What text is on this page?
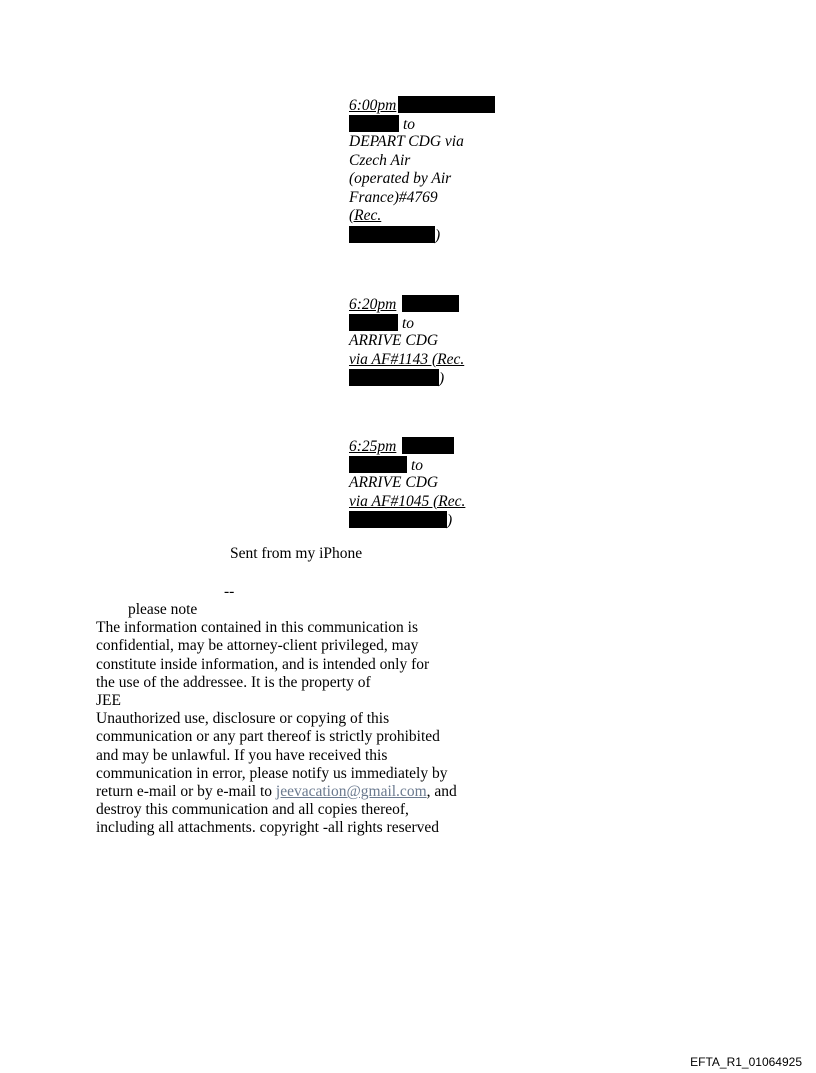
6:00pm
to
DEPART CDG via
Czech Air
(operated by Air
France)#4769
(Rec.
)
6:20pm
to
ARRIVE CDG
via AF#1143 (Rec.
)
6:25pm
to
ARRIVE CDG
via AF#1045 (Rec.
)
Sent from my iPhone
--
please note
The information contained in this communication is
confidential, may be attorney-client privileged, may
constitute inside information, and is intended only for
the use of the addressee. It is the property of
JEE
Unauthorized use, disclosure or copying of this
communication or any part thereof is strictly prohibited
and may be unlawful. If you have received this
communication in error, please notify us immediately by
return e-mail or by e-mail to jeevacation@gmail.com, and
destroy this communication and all copies thereof,
including all attachments. copyright -all rights reserved
EFTA_R1_01064925
